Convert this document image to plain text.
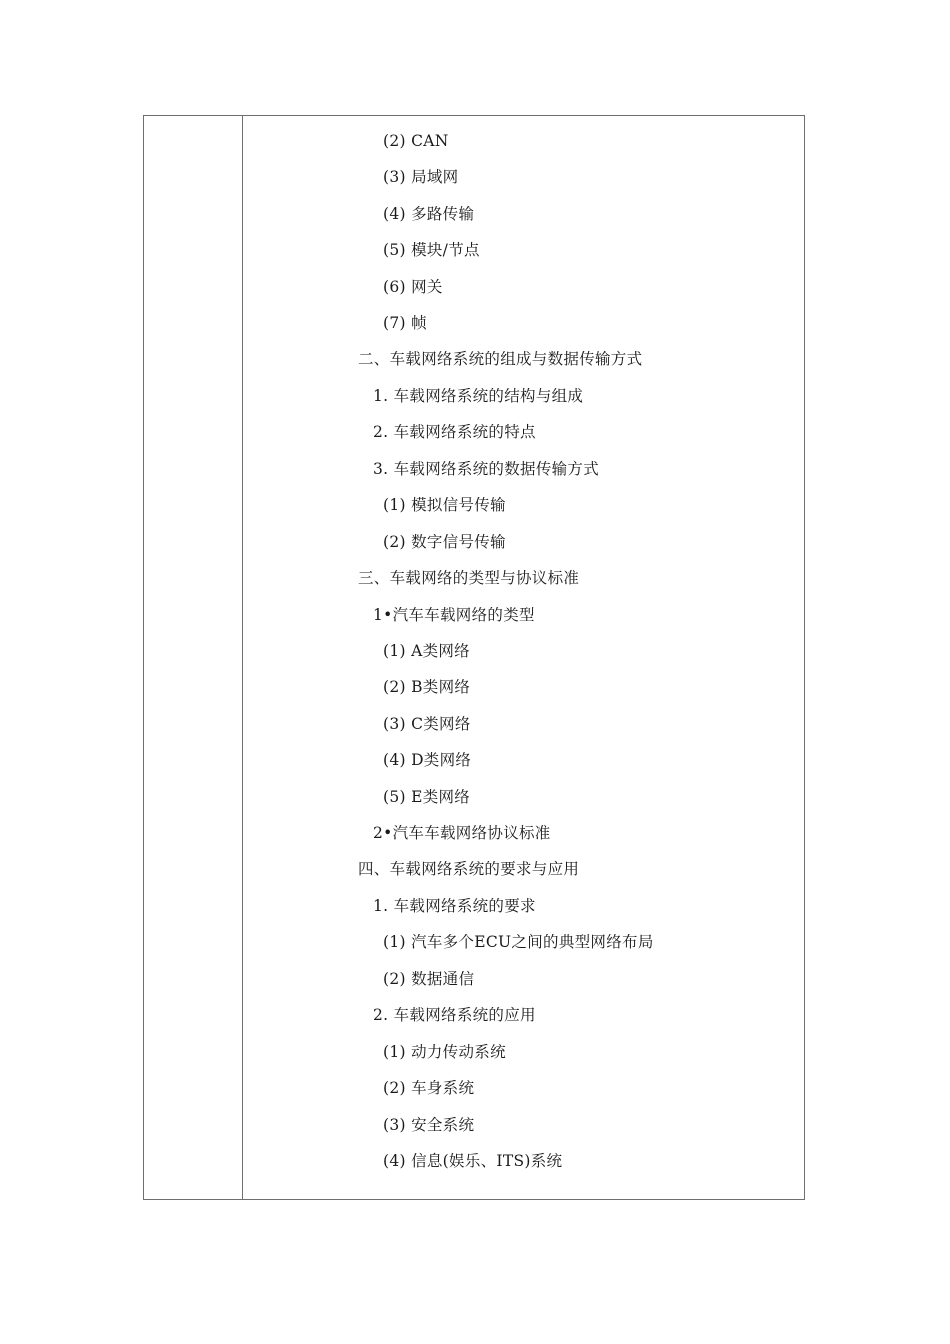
(2) CAN
(3) 局域网
(4) 多路传输
(5) 模块/节点
(6) 网关
(7) 帧
二、车载网络系统的组成与数据传输方式
1. 车载网络系统的结构与组成
2. 车载网络系统的特点
3. 车载网络系统的数据传输方式
(1) 模拟信号传输
(2) 数字信号传输
三、车载网络的类型与协议标准
1•汽车车载网络的类型
(1) A类网络
(2) B类网络
(3) C类网络
(4) D类网络
(5) E类网络
2•汽车车载网络协议标准
四、车载网络系统的要求与应用
1. 车载网络系统的要求
(1) 汽车多个ECU之间的典型网络布局
(2) 数据通信
2. 车载网络系统的应用
(1) 动力传动系统
(2) 车身系统
(3) 安全系统
(4) 信息(娱乐、ITS)系统
